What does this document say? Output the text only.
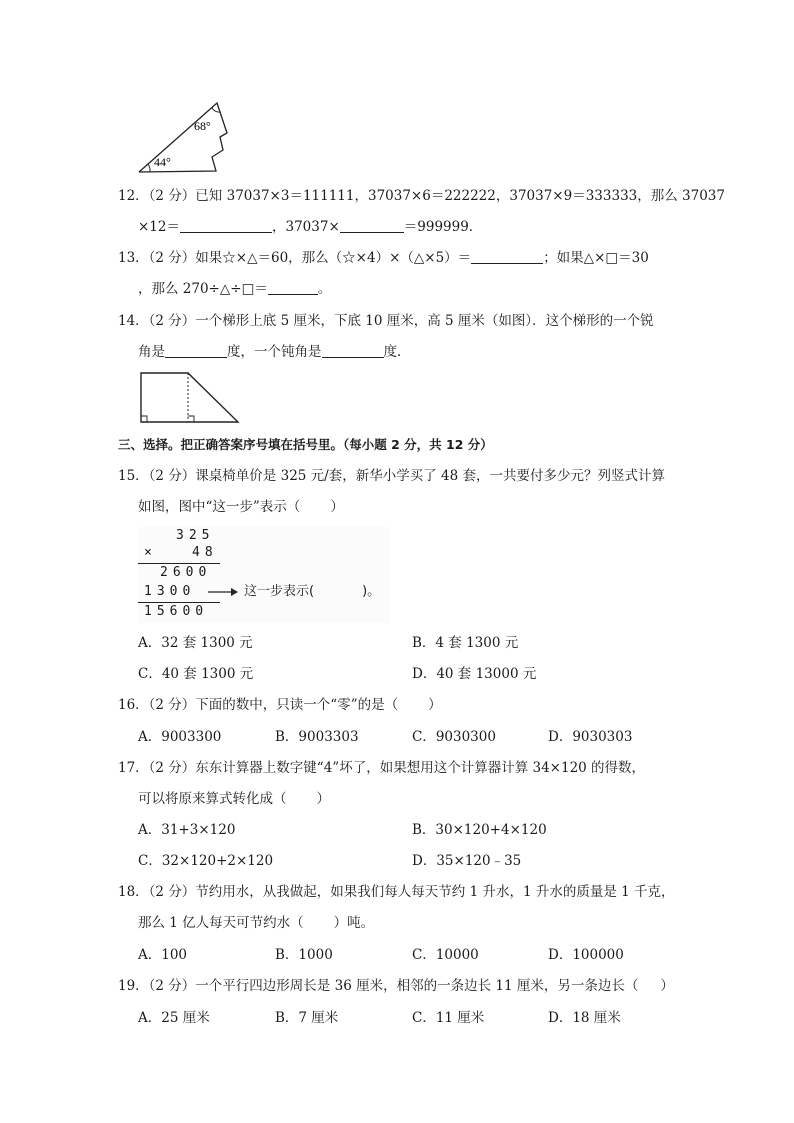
68°
44°
12．（2 分）已知 37037×3＝111111，37037×6＝222222，37037×9＝333333，那么 37037
×12＝	，37037×	＝999999．
13．（2 分）如果☆×△＝60，那么（☆×4）×（△×5）＝	；如果△×□＝30
，那么 270÷△÷□＝	。
14．（2 分）一个梯形上底 5 厘米，下底 10 厘米，高 5 厘米（如图）．这个梯形的一个锐
角是	度，一个钝角是	度．
三、选择。把正确答案序号填在括号里。（每小题 2 分，共 12 分）
15．（2 分）课桌椅单价是 325 元/套，新华小学买了 48 套，一共要付多少元？列竖式计算
如图，图中“这一步”表示（ ）
325
×	48
2600
1300
15600
这一步表示(	)。
A．32 套 1300 元	B．4 套 1300 元
C．40 套 1300 元	D．40 套 13000 元
16．（2 分）下面的数中，只读一个“零”的是（ ）
A．9003300	B．9003303	C．9030300	D．9030303
17．（2 分）东东计算器上数字键“4”坏了，如果想用这个计算器计算 34×120 的得数，
可以将原来算式转化成（ ）
A．31+3×120	B．30×120+4×120
C．32×120+2×120	D．35×120﹣35
18．（2 分）节约用水，从我做起，如果我们每人每天节约 1 升水，1 升水的质量是 1 千克，
那么 1 亿人每天可节约水（ ）吨。
A．100	B．1000	C．10000	D．100000
19．（2 分）一个平行四边形周长是 36 厘米，相邻的一条边长 11 厘米，另一条边长（ ）
A．25 厘米	B．7 厘米	C．11 厘米	D．18 厘米
